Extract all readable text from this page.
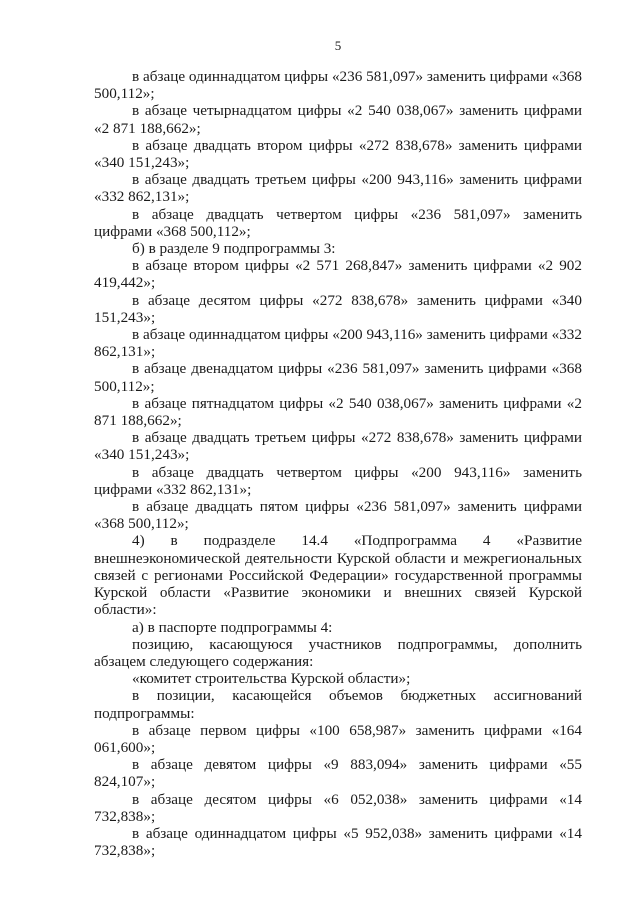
5

в абзаце одиннадцатом цифры «236 581,097» заменить цифрами «368 500,112»;

в абзаце четырнадцатом цифры «2 540 038,067» заменить цифрами «2 871 188,662»;

в абзаце двадцать втором цифры «272 838,678» заменить цифрами «340 151,243»;

в абзаце двадцать третьем цифры «200 943,116» заменить цифрами «332 862,131»;

в абзаце двадцать четвертом цифры «236 581,097» заменить цифрами «368 500,112»;

б) в разделе 9 подпрограммы 3:

в абзаце втором цифры «2 571 268,847» заменить цифрами «2 902 419,442»;

в абзаце десятом цифры «272 838,678» заменить цифрами «340 151,243»;

в абзаце одиннадцатом цифры «200 943,116» заменить цифрами «332 862,131»;

в абзаце двенадцатом цифры «236 581,097» заменить цифрами «368 500,112»;

в абзаце пятнадцатом цифры «2 540 038,067» заменить цифрами «2 871 188,662»;

в абзаце двадцать третьем цифры «272 838,678» заменить цифрами «340 151,243»;

в абзаце двадцать четвертом цифры «200 943,116» заменить цифрами «332 862,131»;

в абзаце двадцать пятом цифры «236 581,097» заменить цифрами «368 500,112»;

4) в подразделе 14.4 «Подпрограмма 4 «Развитие внешнеэкономической деятельности Курской области и межрегиональных связей с регионами Российской Федерации» государственной программы Курской области «Развитие экономики и внешних связей Курской области»:

а) в паспорте подпрограммы 4:

позицию, касающуюся участников подпрограммы, дополнить абзацем следующего содержания:

«комитет строительства Курской области»;

в позиции, касающейся объемов бюджетных ассигнований подпрограммы:

в абзаце первом цифры «100 658,987» заменить цифрами «164 061,600»;

в абзаце девятом цифры «9 883,094» заменить цифрами «55 824,107»;

в абзаце десятом цифры «6 052,038» заменить цифрами «14 732,838»;

в абзаце одиннадцатом цифры «5 952,038» заменить цифрами «14 732,838»;
